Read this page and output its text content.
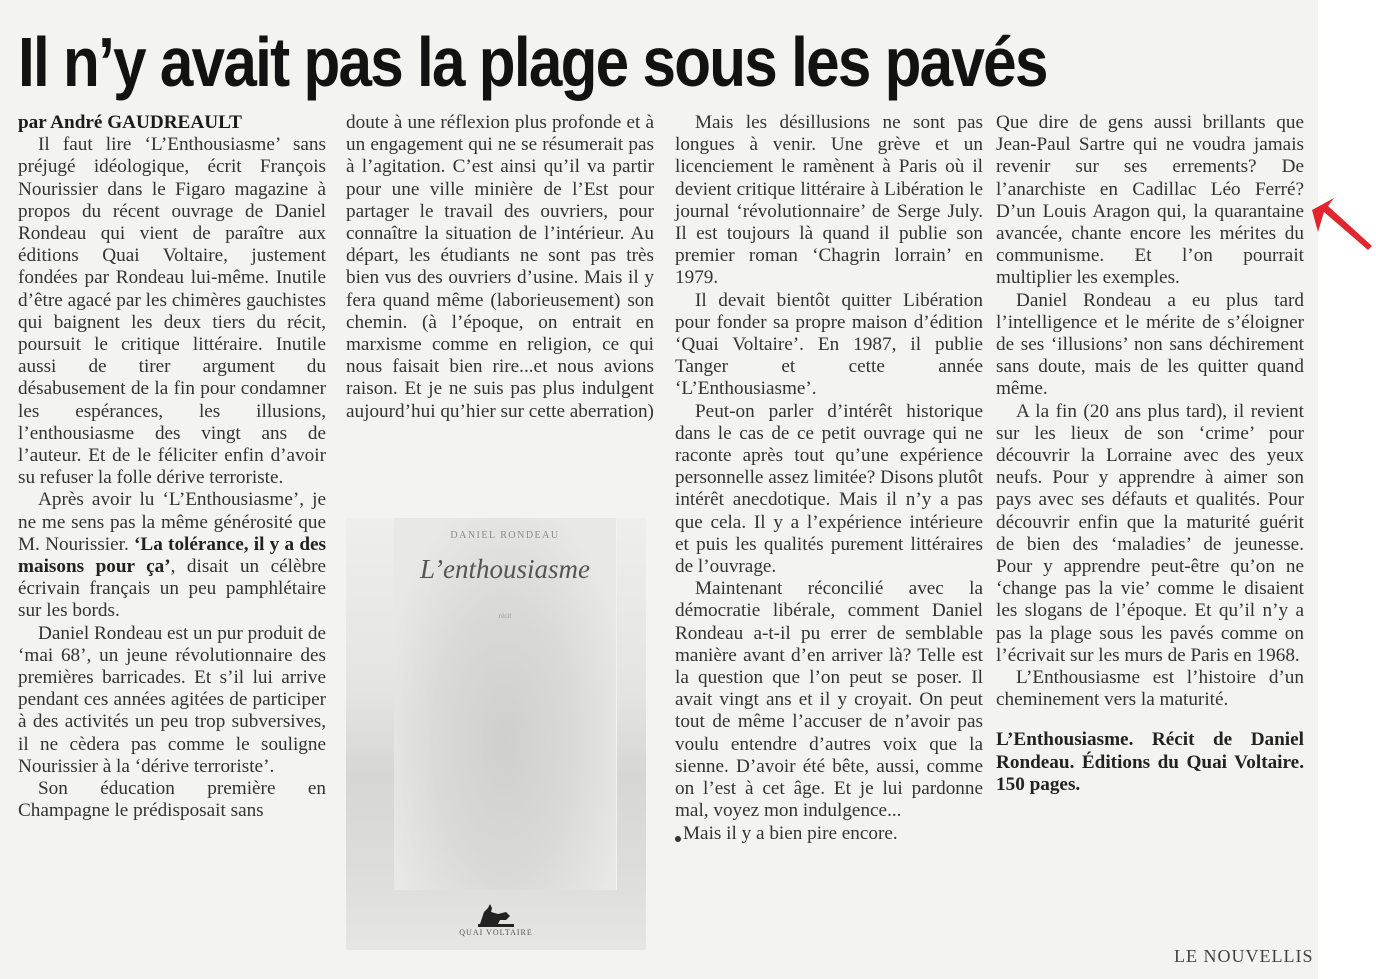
Il n’y avait pas la plage sous les pavés

par André GAUDREAULT

Il faut lire ‘L’Enthousiasme’ sans préjugé idéologique, écrit François Nourissier dans le Figaro magazine à propos du récent ouvrage de Daniel Rondeau qui vient de paraître aux éditions Quai Voltaire, justement fondées par Rondeau lui-même. Inutile d’être agacé par les chimères gauchistes qui baignent les deux tiers du récit, poursuit le critique littéraire. Inutile aussi de tirer argument du désabusement de la fin pour condamner les espérances, les illusions, l’enthousiasme des vingt ans de l’auteur. Et de le féliciter enfin d’avoir su refuser la folle dérive terroriste.

Après avoir lu ‘L’Enthousiasme’, je ne me sens pas la même générosité que M. Nourissier. ‘La tolérance, il y a des maisons pour ça’, disait un célèbre écrivain français un peu pamphlétaire sur les bords.

Daniel Rondeau est un pur produit de ‘mai 68’, un jeune révolutionnaire des premières barricades. Et s’il lui arrive pendant ces années agitées de participer à des activités un peu trop subversives, il ne cèdera pas comme le souligne Nourissier à la ‘dérive terroriste’.

Son éducation première en Champagne le prédisposait sans

doute à une réflexion plus profonde et à un engagement qui ne se résumerait pas à l’agitation. C’est ainsi qu’il va partir pour une ville minière de l’Est pour partager le travail des ouvriers, pour connaître la situation de l’intérieur. Au départ, les étudiants ne sont pas très bien vus des ouvriers d’usine. Mais il y fera quand même (laborieusement) son chemin. (à l’époque, on entrait en marxisme comme en religion, ce qui nous faisait bien rire...et nous avions raison. Et je ne suis pas plus indulgent aujourd’hui qu’hier sur cette aberration)

DANIEL RONDEAU
L’enthousiasme
récit
QUAI VOLTAIRE

Mais les désillusions ne sont pas longues à venir. Une grève et un licenciement le ramènent à Paris où il devient critique littéraire à Libération le journal ‘révolutionnaire’ de Serge July. Il est toujours là quand il publie son premier roman ‘Chagrin lorrain’ en 1979.

Il devait bientôt quitter Libération pour fonder sa propre maison d’édition ‘Quai Voltaire’. En 1987, il publie Tanger et cette année ‘L’Enthousiasme’.

Peut-on parler d’intérêt historique dans le cas de ce petit ouvrage qui ne raconte après tout qu’une expérience personnelle assez limitée? Disons plutôt intérêt anecdotique. Mais il n’y a pas que cela. Il y a l’expérience intérieure et puis les qualités purement littéraires de l’ouvrage.

Maintenant réconcilié avec la démocratie libérale, comment Daniel Rondeau a-t-il pu errer de semblable manière avant d’en arriver là? Telle est la question que l’on peut se poser. Il avait vingt ans et il y croyait. On peut tout de même l’accuser de n’avoir pas voulu entendre d’autres voix que la sienne. D’avoir été bête, aussi, comme on l’est à cet âge. Et je lui pardonne mal, voyez mon indulgence...

Mais il y a bien pire encore.

Que dire de gens aussi brillants que Jean-Paul Sartre qui ne voudra jamais revenir sur ses errements? De l’anarchiste en Cadillac Léo Ferré? D’un Louis Aragon qui, la quarantaine avancée, chante encore les mérites du communisme. Et l’on pourrait multiplier les exemples.

Daniel Rondeau a eu plus tard l’intelligence et le mérite de s’éloigner de ses ‘illusions’ non sans déchirement sans doute, mais de les quitter quand même.

A la fin (20 ans plus tard), il revient sur les lieux de son ‘crime’ pour découvrir la Lorraine avec des yeux neufs. Pour y apprendre à aimer son pays avec ses défauts et qualités. Pour découvrir enfin que la maturité guérit de bien des ‘maladies’ de jeunesse. Pour y apprendre peut-être qu’on ne ‘change pas la vie’ comme le disaient les slogans de l’époque. Et qu’il n’y a pas la plage sous les pavés comme on l’écrivait sur les murs de Paris en 1968.

L’Enthousiasme est l’histoire d’un cheminement vers la maturité.

L’Enthousiasme. Récit de Daniel Rondeau. Éditions du Quai Voltaire. 150 pages.

LE NOUVELLIS
